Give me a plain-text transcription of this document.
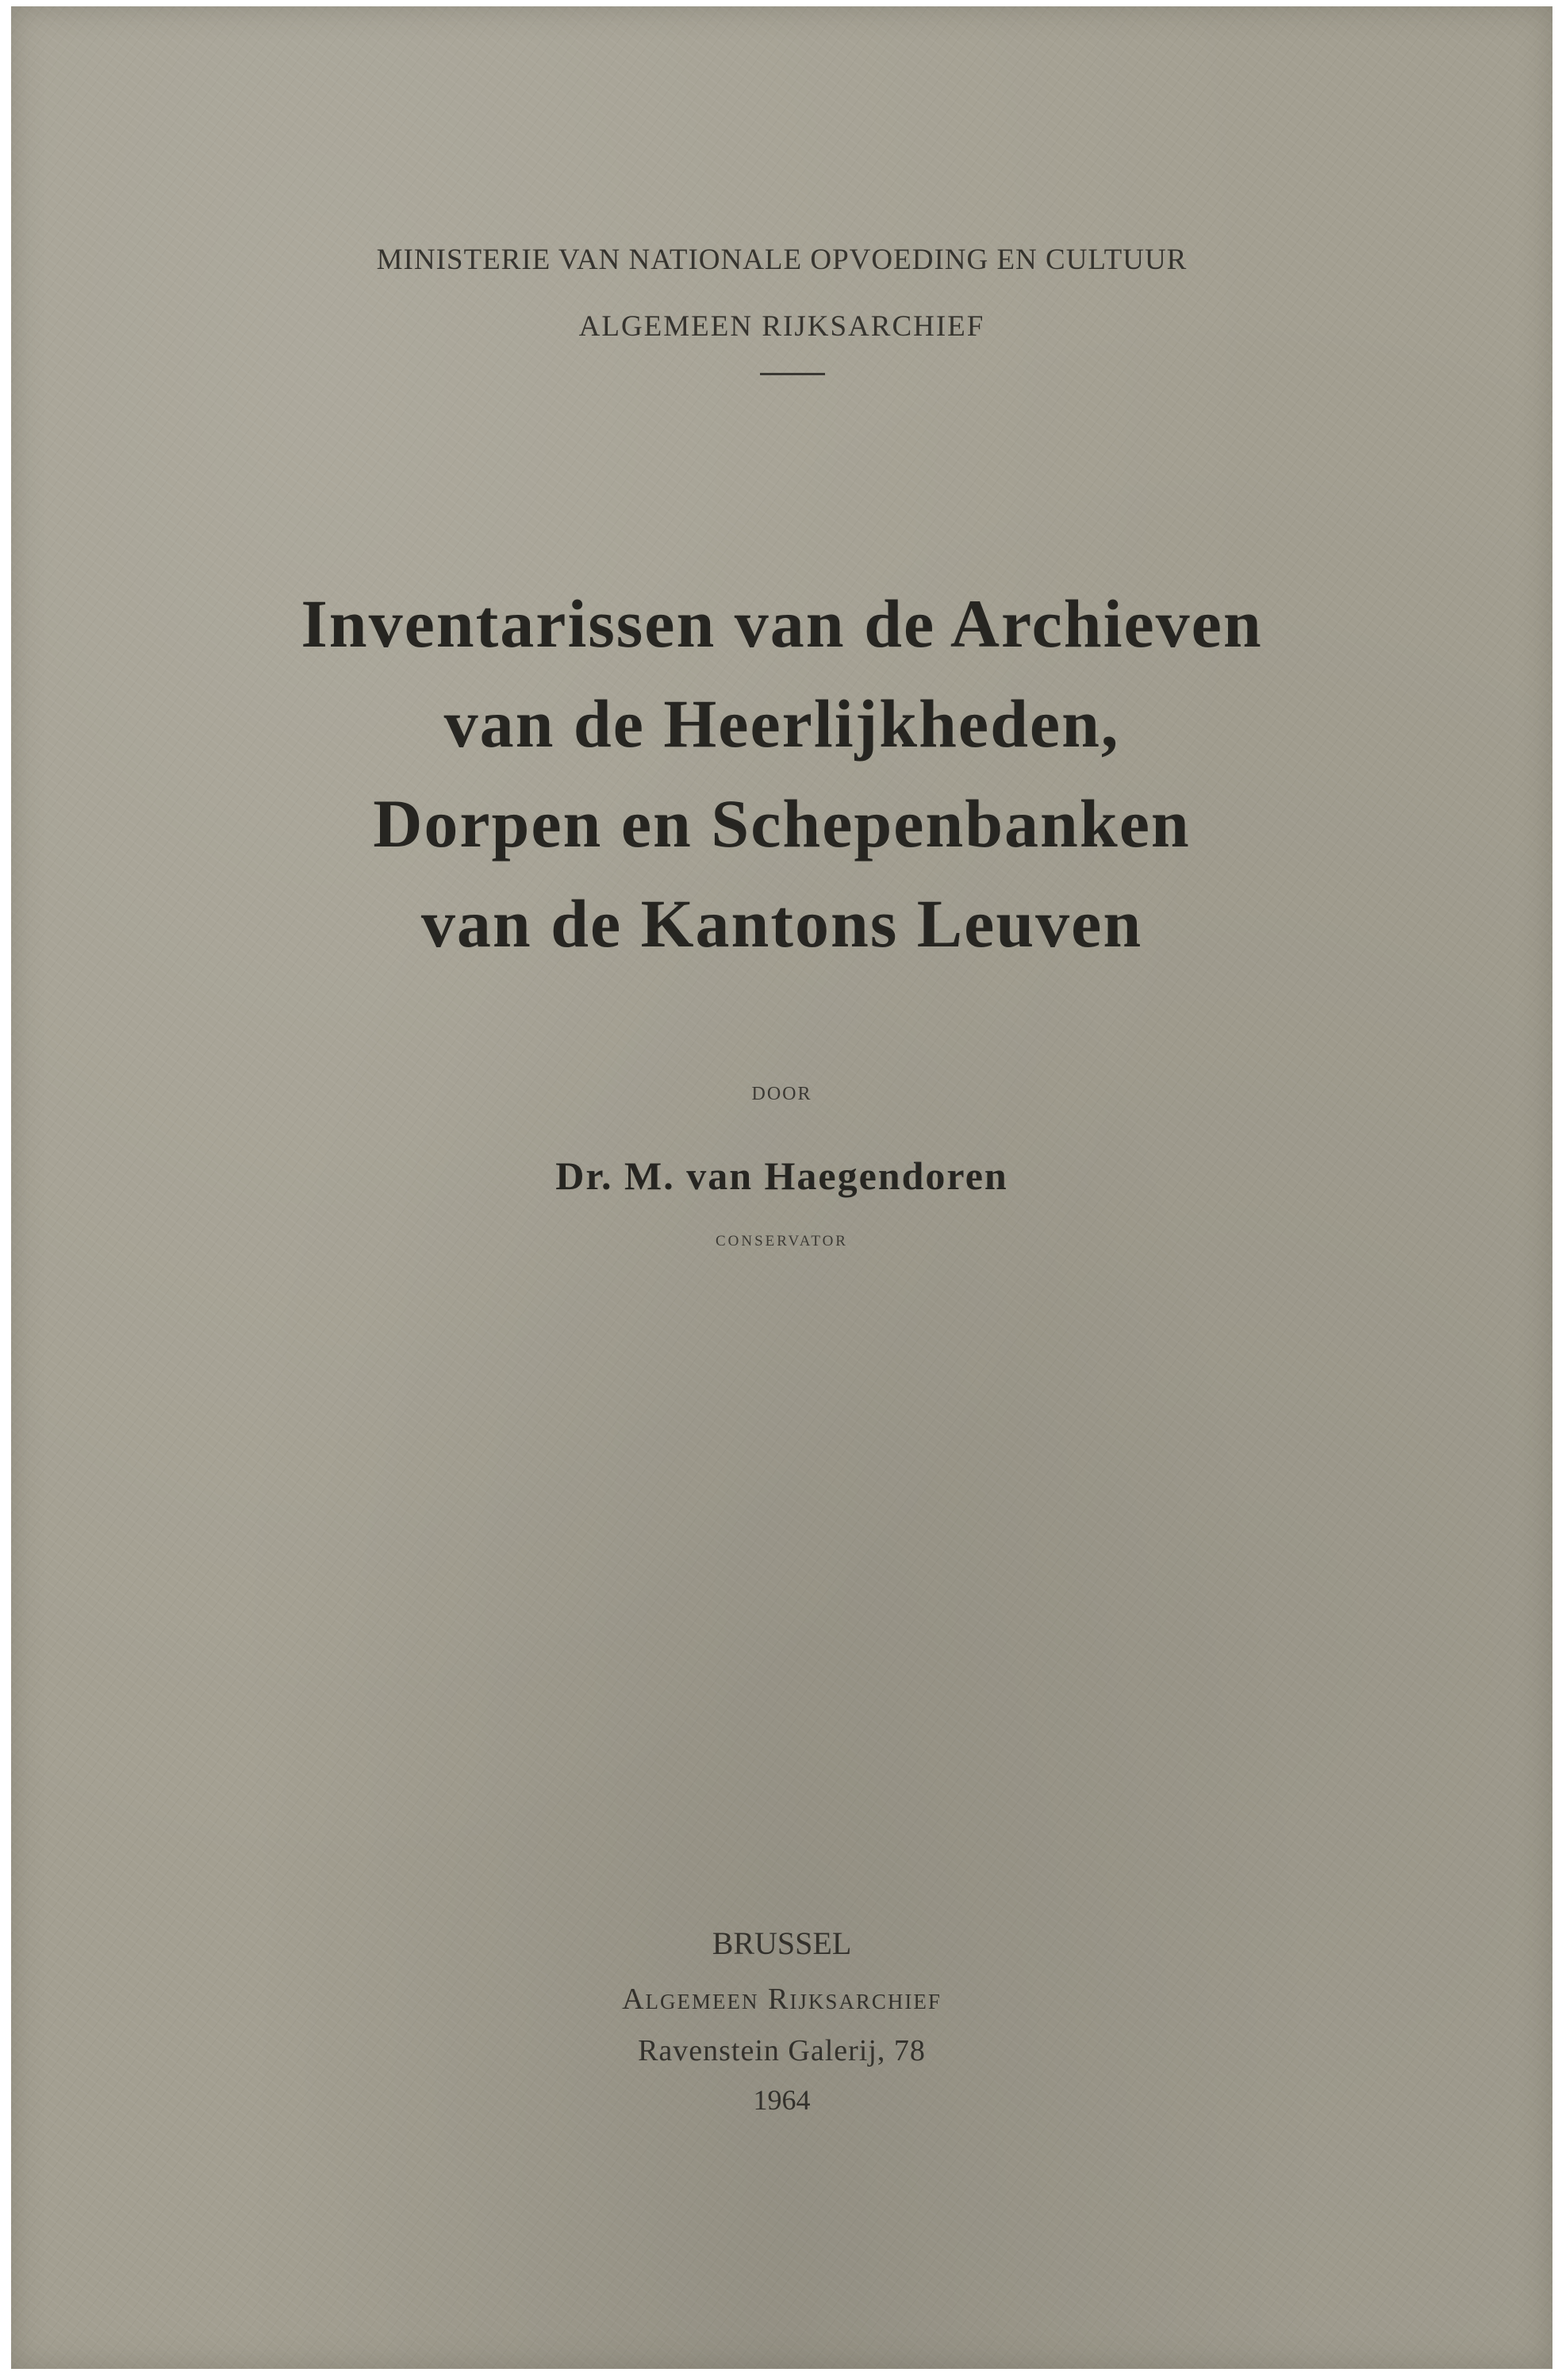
MINISTERIE VAN NATIONALE OPVOEDING EN CULTUUR
ALGEMEEN RIJKSARCHIEF
Inventarissen van de Archieven
van de Heerlijkheden,
Dorpen en Schepenbanken
van de Kantons Leuven
DOOR
Dr. M. van Haegendoren
CONSERVATOR
BRUSSEL
Algemeen Rijksarchief
Ravenstein Galerij, 78
1964
